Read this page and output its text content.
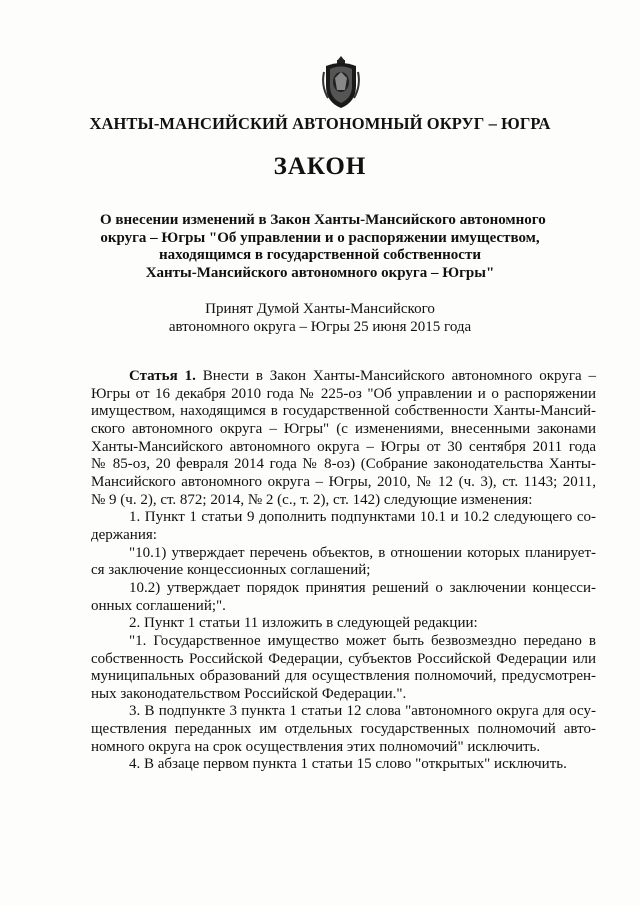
ХАНТЫ-МАНСИЙСКИЙ АВТОНОМНЫЙ ОКРУГ – ЮГРА
ЗАКОН
О внесении изменений в Закон Ханты-Мансийского автономного
округа – Югры "Об управлении и о распоряжении имуществом,
находящимся в государственной собственности
Ханты-Мансийского автономного округа – Югры"
Принят Думой Ханты-Мансийского
автономного округа – Югры 25 июня 2015 года
Статья 1. Внести в Закон Ханты-Мансийского автономного округа –
Югры от 16 декабря 2010 года № 225-оз "Об управлении и о распоряжении
имуществом, находящимся в государственной собственности Ханты-Мансий-
ского автономного округа – Югры" (с изменениями, внесенными законами
Ханты-Мансийского автономного округа – Югры от 30 сентября 2011 года
№ 85-оз, 20 февраля 2014 года № 8-оз) (Собрание законодательства Ханты-
Мансийского автономного округа – Югры, 2010, № 12 (ч. 3), ст. 1143; 2011,
№ 9 (ч. 2), ст. 872; 2014, № 2 (с., т. 2), ст. 142) следующие изменения:
1. Пункт 1 статьи 9 дополнить подпунктами 10.1 и 10.2 следующего со-
держания:
"10.1) утверждает перечень объектов, в отношении которых планирует-
ся заключение концессионных соглашений;
10.2) утверждает порядок принятия решений о заключении концесси-
онных соглашений;".
2. Пункт 1 статьи 11 изложить в следующей редакции:
"1. Государственное имущество может быть безвозмездно передано в
собственность Российской Федерации, субъектов Российской Федерации или
муниципальных образований для осуществления полномочий, предусмотрен-
ных законодательством Российской Федерации.".
3. В подпункте 3 пункта 1 статьи 12 слова "автономного округа для осу-
ществления переданных им отдельных государственных полномочий авто-
номного округа на срок осуществления этих полномочий" исключить.
4. В абзаце первом пункта 1 статьи 15 слово "открытых" исключить.
